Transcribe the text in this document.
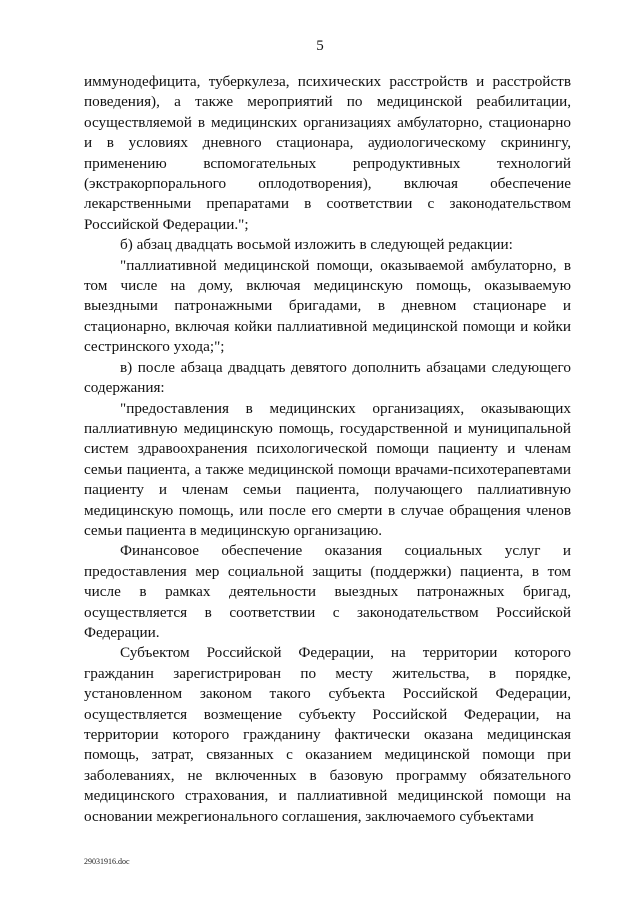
5

иммунодефицита, туберкулеза, психических расстройств и расстройств поведения), а также мероприятий по медицинской реабилитации, осуществляемой в медицинских организациях амбулаторно, стационарно и в условиях дневного стационара, аудиологическому скринингу, применению вспомогательных репродуктивных технологий (экстракорпорального оплодотворения), включая обеспечение лекарственными препаратами в соответствии с законодательством Российской Федерации.";

б) абзац двадцать восьмой изложить в следующей редакции:

"паллиативной медицинской помощи, оказываемой амбулаторно, в том числе на дому, включая медицинскую помощь, оказываемую выездными патронажными бригадами, в дневном стационаре и стационарно, включая койки паллиативной медицинской помощи и койки сестринского ухода;";

в) после абзаца двадцать девятого дополнить абзацами следующего содержания:

"предоставления в медицинских организациях, оказывающих паллиативную медицинскую помощь, государственной и муниципальной систем здравоохранения психологической помощи пациенту и членам семьи пациента, а также медицинской помощи врачами-психотерапевтами пациенту и членам семьи пациента, получающего паллиативную медицинскую помощь, или после его смерти в случае обращения членов семьи пациента в медицинскую организацию.

Финансовое обеспечение оказания социальных услуг и предоставления мер социальной защиты (поддержки) пациента, в том числе в рамках деятельности выездных патронажных бригад, осуществляется в соответствии с законодательством Российской Федерации.

Субъектом Российской Федерации, на территории которого гражданин зарегистрирован по месту жительства, в порядке, установленном законом такого субъекта Российской Федерации, осуществляется возмещение субъекту Российской Федерации, на территории которого гражданину фактически оказана медицинская помощь, затрат, связанных с оказанием медицинской помощи при заболеваниях, не включенных в базовую программу обязательного медицинского страхования, и паллиативной медицинской помощи на основании межрегионального соглашения, заключаемого субъектами

29031916.doc
